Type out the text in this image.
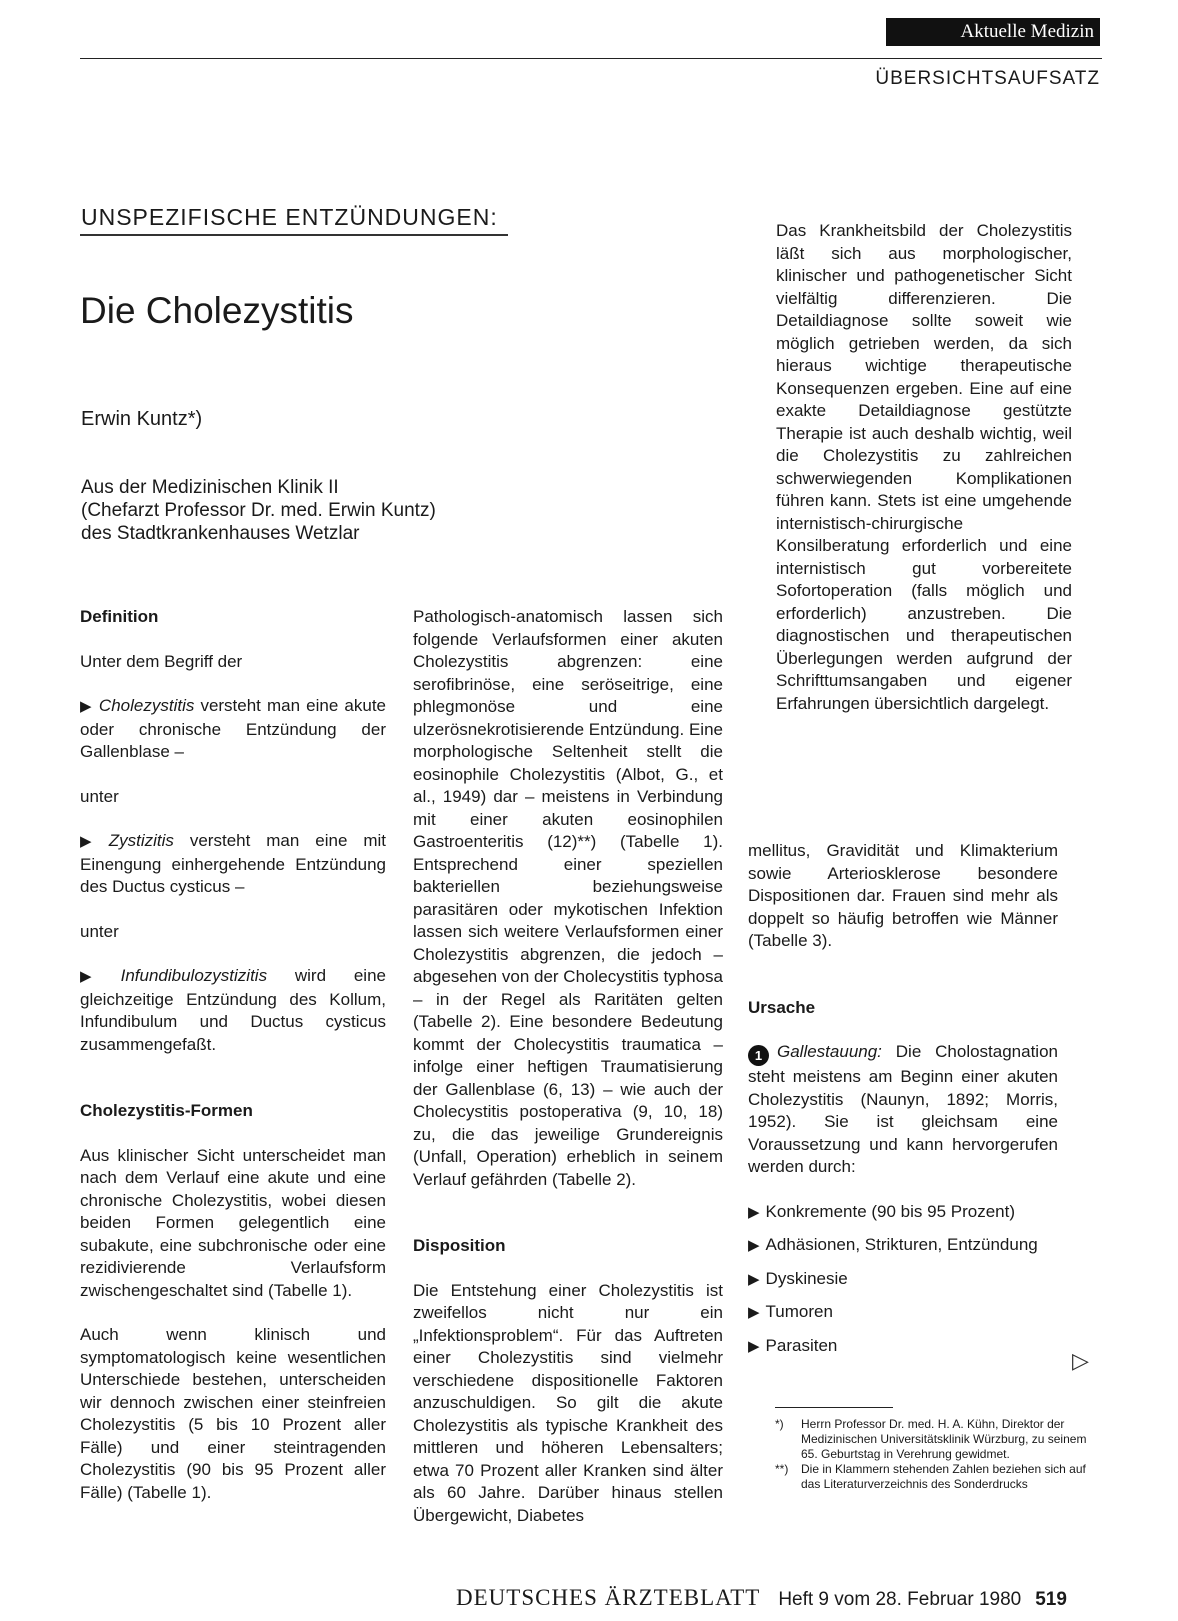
Aktuelle Medizin
ÜBERSICHTSAUFSATZ
UNSPEZIFISCHE ENTZÜNDUNGEN:
Die Cholezystitis
Erwin Kuntz*)
Aus der Medizinischen Klinik II
(Chefarzt Professor Dr. med. Erwin Kuntz)
des Stadtkrankenhauses Wetzlar

Das Krankheitsbild der Cholezystitis läßt sich aus morphologischer, klinischer und pathogenetischer Sicht vielfältig differenzieren. Die Detaildiagnose sollte soweit wie möglich getrieben werden, da sich hieraus wichtige therapeutische Konsequenzen ergeben. Eine auf eine exakte Detaildiagnose gestützte Therapie ist auch deshalb wichtig, weil die Cholezystitis zu zahlreichen schwerwiegenden Komplikationen führen kann. Stets ist eine umgehende internistisch-chirurgische Konsilberatung erforderlich und eine internistisch gut vorbereitete Sofortoperation (falls möglich und erforderlich) anzustreben. Die diagnostischen und therapeutischen Überlegungen werden aufgrund der Schrifttumsangaben und eigener Erfahrungen übersichtlich dargelegt.

Definition

Unter dem Begriff der

▶ Cholezystitis versteht man eine akute oder chronische Entzündung der Gallenblase –

unter

▶ Zystizitis versteht man eine mit Einengung einhergehende Entzündung des Ductus cysticus –

unter

▶ Infundibulozystizitis wird eine gleichzeitige Entzündung des Kollum, Infundibulum und Ductus cysticus zusammengefaßt.

Cholezystitis-Formen

Aus klinischer Sicht unterscheidet man nach dem Verlauf eine akute und eine chronische Cholezystitis, wobei diesen beiden Formen gelegentlich eine subakute, eine subchronische oder eine rezidivierende Verlaufsform zwischengeschaltet sind (Tabelle 1).

Auch wenn klinisch und symptomatologisch keine wesentlichen Unterschiede bestehen, unterscheiden wir dennoch zwischen einer steinfreien Cholezystitis (5 bis 10 Prozent aller Fälle) und einer steintragenden Cholezystitis (90 bis 95 Prozent aller Fälle) (Tabelle 1).

Pathologisch-anatomisch lassen sich folgende Verlaufsformen einer akuten Cholezystitis abgrenzen: eine serofibrinöse, eine seröseitrige, eine phlegmonöse und eine ulzerösnekrotisierende Entzündung. Eine morphologische Seltenheit stellt die eosinophile Cholezystitis (Albot, G., et al., 1949) dar – meistens in Verbindung mit einer akuten eosinophilen Gastroenteritis (12)**) (Tabelle 1). Entsprechend einer speziellen bakteriellen beziehungsweise parasitären oder mykotischen Infektion lassen sich weitere Verlaufsformen einer Cholezystitis abgrenzen, die jedoch – abgesehen von der Cholecystitis typhosa – in der Regel als Raritäten gelten (Tabelle 2). Eine besondere Bedeutung kommt der Cholecystitis traumatica – infolge einer heftigen Traumatisierung der Gallenblase (6, 13) – wie auch der Cholecystitis postoperativa (9, 10, 18) zu, die das jeweilige Grundereignis (Unfall, Operation) erheblich in seinem Verlauf gefährden (Tabelle 2).

Disposition

Die Entstehung einer Cholezystitis ist zweifellos nicht nur ein „Infektionsproblem“. Für das Auftreten einer Cholezystitis sind vielmehr verschiedene dispositionelle Faktoren anzuschuldigen. So gilt die akute Cholezystitis als typische Krankheit des mittleren und höheren Lebensalters; etwa 70 Prozent aller Kranken sind älter als 60 Jahre. Darüber hinaus stellen Übergewicht, Diabetes

mellitus, Gravidität und Klimakterium sowie Arteriosklerose besondere Dispositionen dar. Frauen sind mehr als doppelt so häufig betroffen wie Männer (Tabelle 3).

Ursache

1 Gallestauung: Die Cholostagnation steht meistens am Beginn einer akuten Cholezystitis (Naunyn, 1892; Morris, 1952). Sie ist gleichsam eine Voraussetzung und kann hervorgerufen werden durch:

▶ Konkremente (90 bis 95 Prozent)

▶ Adhäsionen, Strikturen, Entzündung

▶ Dyskinesie

▶ Tumoren

▶ Parasiten

▷
*)	Herrn Professor Dr. med. H. A. Kühn, Direktor der Medizinischen Universitätsklinik Würzburg, zu seinem 65. Geburtstag in Verehrung gewidmet.
**)	Die in Klammern stehenden Zahlen beziehen sich auf das Literaturverzeichnis des Sonderdrucks
DEUTSCHES ÄRZTEBLATT Heft 9 vom 28. Februar 1980 519
